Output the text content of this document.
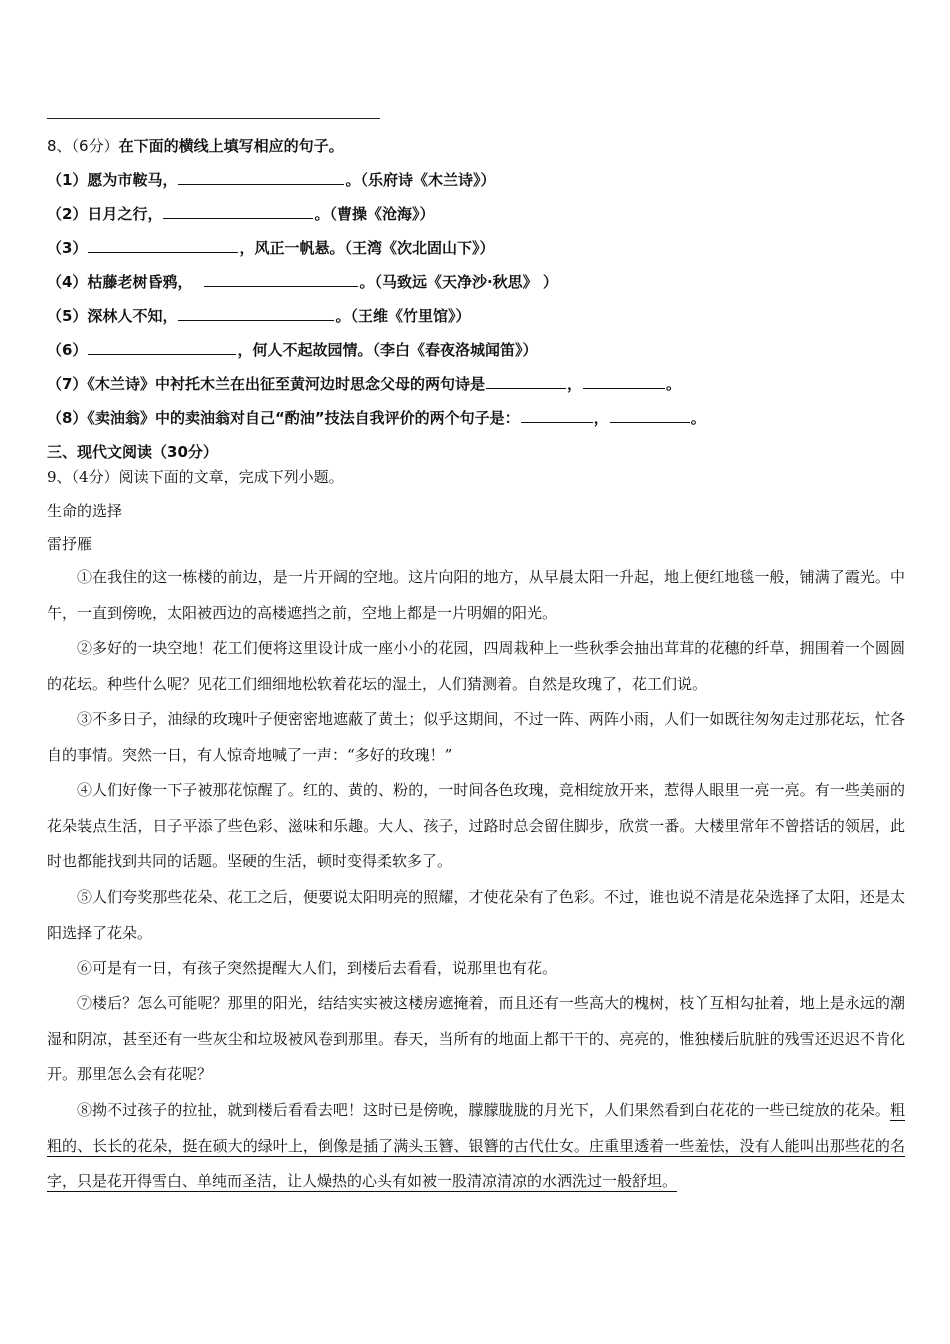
8、（6分）在下面的横线上填写相应的句子。
（1）愿为市鞍马，	。（乐府诗《木兰诗》）
（2）日月之行，	。（曹操《沧海》）
（3）	，风正一帆悬。（王湾《次北固山下》）
（4）枯藤老树昏鸦，	。（马致远《天净沙·秋思》 ）
（5）深林人不知，	。（王维《竹里馆》）
（6）	，何人不起故园情。（李白《春夜洛城闻笛》）
（7）《木兰诗》中衬托木兰在出征至黄河边时思念父母的两句诗是	，	。
（8）《卖油翁》中的卖油翁对自己“酌油”技法自我评价的两个句子是：	，	。
三、现代文阅读（30分）
9、（4分）阅读下面的文章，完成下列小题。
生命的选择
雷抒雁

①在我住的这一栋楼的前边，是一片开阔的空地。这片向阳的地方，从早晨太阳一升起，地上便红地毯一般，铺满了霞光。中午，一直到傍晚，太阳被西边的高楼遮挡之前，空地上都是一片明媚的阳光。

②多好的一块空地！花工们便将这里设计成一座小小的花园，四周栽种上一些秋季会抽出茸茸的花穗的纤草，拥围着一个圆圆的花坛。种些什么呢？见花工们细细地松软着花坛的湿土，人们猜测着。自然是玫瑰了，花工们说。

③不多日子，油绿的玫瑰叶子便密密地遮蔽了黄土；似乎这期间，不过一阵、两阵小雨，人们一如既往匆匆走过那花坛，忙各自的事情。突然一日，有人惊奇地喊了一声：“多好的玫瑰！”

④人们好像一下子被那花惊醒了。红的、黄的、粉的，一时间各色玫瑰，竞相绽放开来，惹得人眼里一亮一亮。有一些美丽的花朵装点生活，日子平添了些色彩、滋味和乐趣。大人、孩子，过路时总会留住脚步，欣赏一番。大楼里常年不曾搭话的领居，此时也都能找到共同的话题。坚硬的生活，顿时变得柔软多了。

⑤人们夸奖那些花朵、花工之后，便要说太阳明亮的照耀，才使花朵有了色彩。不过，谁也说不清是花朵选择了太阳，还是太阳选择了花朵。

⑥可是有一日，有孩子突然提醒大人们，到楼后去看看，说那里也有花。

⑦楼后？怎么可能呢？那里的阳光，结结实实被这楼房遮掩着，而且还有一些高大的槐树，枝丫互相勾扯着，地上是永远的潮湿和阴凉，甚至还有一些灰尘和垃圾被风卷到那里。春天，当所有的地面上都干干的、亮亮的，惟独楼后肮脏的残雪还迟迟不肯化开。那里怎么会有花呢？

⑧拗不过孩子的拉扯，就到楼后看看去吧！这时已是傍晚，朦朦胧胧的月光下，人们果然看到白花花的一些已绽放的花朵。粗粗的、长长的花朵，挺在硕大的绿叶上，倒像是插了满头玉簪、银簪的古代仕女。庄重里透着一些羞怯，没有人能叫出那些花的名字，只是花开得雪白、单纯而圣洁，让人燥热的心头有如被一股清凉清凉的水洒洗过一般舒坦。
